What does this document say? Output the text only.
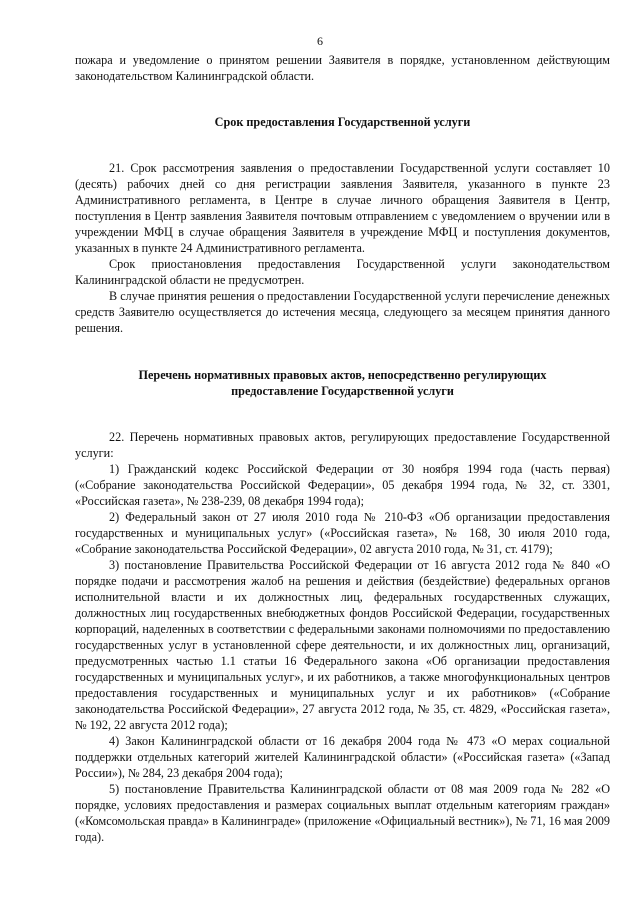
6

пожара и уведомление о принятом решении Заявителя в порядке, установленном действующим законодательством Калининградской области.

Срок предоставления Государственной услуги

21. Срок рассмотрения заявления о предоставлении Государственной услуги составляет 10 (десять) рабочих дней со дня регистрации заявления Заявителя, указанного в пункте 23 Административного регламента, в Центре в случае личного обращения Заявителя в Центр, поступления в Центр заявления Заявителя почтовым отправлением с уведомлением о вручении или в учреждении МФЦ в случае обращения Заявителя в учреждение МФЦ и поступления документов, указанных в пункте 24 Административного регламента.

Срок приостановления предоставления Государственной услуги законодательством Калининградской области не предусмотрен.

В случае принятия решения о предоставлении Государственной услуги перечисление денежных средств Заявителю осуществляется до истечения месяца, следующего за месяцем принятия данного решения.

Перечень нормативных правовых актов, непосредственно регулирующих
предоставление Государственной услуги

22. Перечень нормативных правовых актов, регулирующих предоставление Государственной услуги:

1) Гражданский кодекс Российской Федерации от 30 ноября 1994 года (часть первая) («Собрание законодательства Российской Федерации», 05 декабря 1994 года, № 32, ст. 3301, «Российская газета», № 238-239, 08 декабря 1994 года);

2) Федеральный закон от 27 июля 2010 года № 210-ФЗ «Об организации предоставления государственных и муниципальных услуг» («Российская газета», № 168, 30 июля 2010 года, «Собрание законодательства Российской Федерации», 02 августа 2010 года, № 31, ст. 4179);

3) постановление Правительства Российской Федерации от 16 августа 2012 года № 840 «О порядке подачи и рассмотрения жалоб на решения и действия (бездействие) федеральных органов исполнительной власти и их должностных лиц, федеральных государственных служащих, должностных лиц государственных внебюджетных фондов Российской Федерации, государственных корпораций, наделенных в соответствии с федеральными законами полномочиями по предоставлению государственных услуг в установленной сфере деятельности, и их должностных лиц, организаций, предусмотренных частью 1.1 статьи 16 Федерального закона «Об организации предоставления государственных и муниципальных услуг», и их работников, а также многофункциональных центров предоставления государственных и муниципальных услуг и их работников» («Собрание законодательства Российской Федерации», 27 августа 2012 года, № 35, ст. 4829, «Российская газета», № 192, 22 августа 2012 года);

4) Закон Калининградской области от 16 декабря 2004 года № 473 «О мерах социальной поддержки отдельных категорий жителей Калининградской области» («Российская газета» («Запад России»), № 284, 23 декабря 2004 года);

5) постановление Правительства Калининградской области от 08 мая 2009 года № 282 «О порядке, условиях предоставления и размерах социальных выплат отдельным категориям граждан» («Комсомольская правда» в Калининграде» (приложение «Официальный вестник»), № 71, 16 мая 2009 года).
